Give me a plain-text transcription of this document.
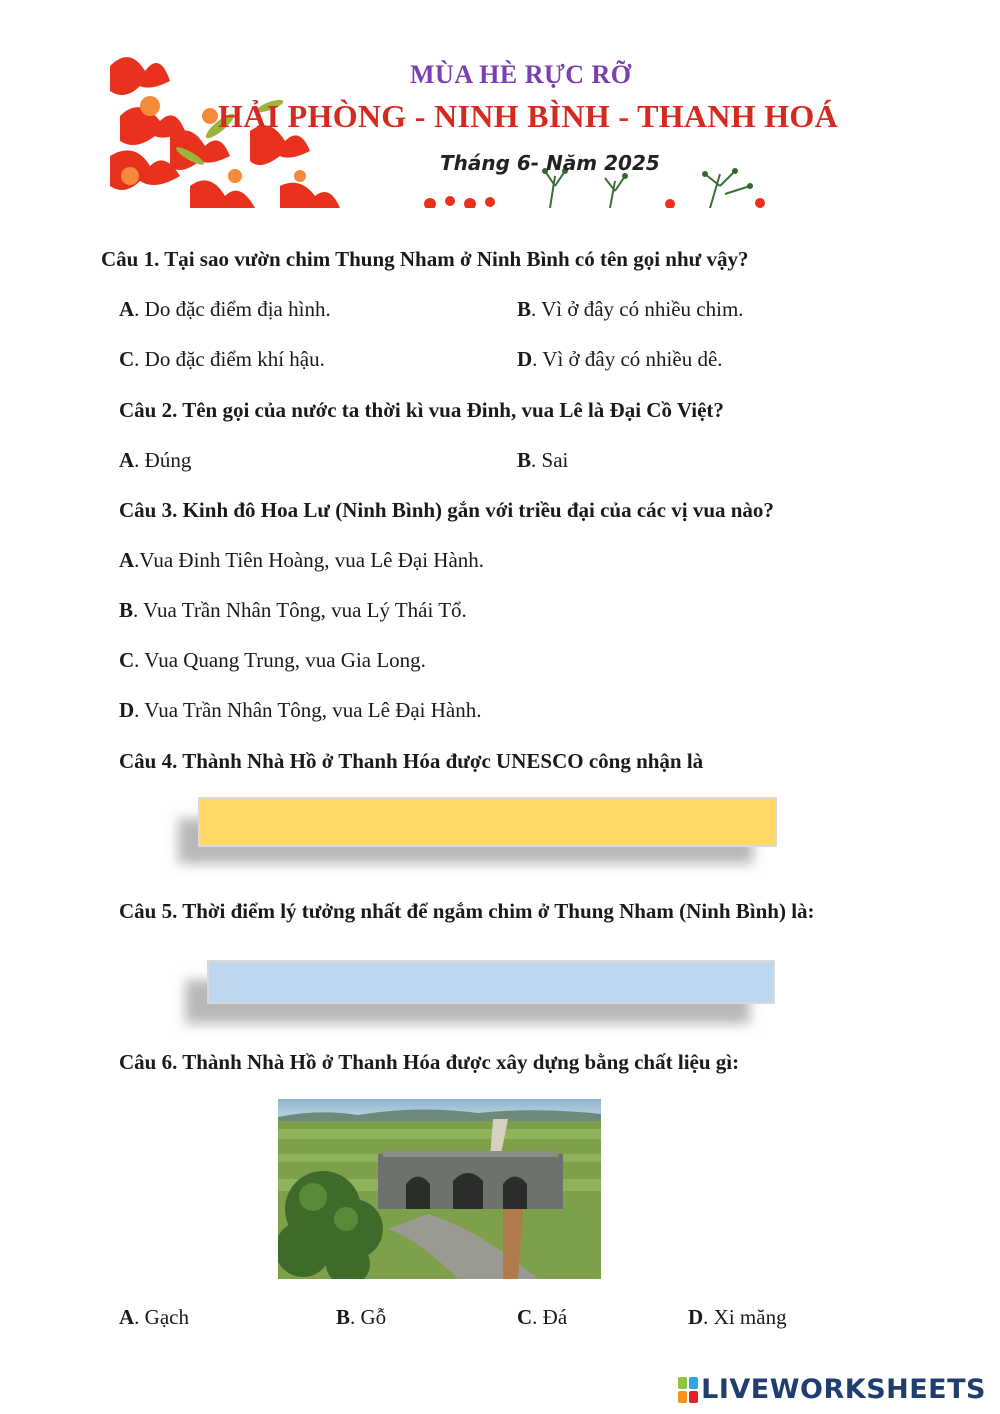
MÙA HÈ RỰC RỠ
HẢI PHÒNG - NINH BÌNH - THANH HOÁ
Tháng 6- Năm 2025
Câu 1. Tại sao vườn chim Thung Nham ở Ninh Bình có tên gọi như vậy?
A. Do đặc điểm địa hình.	B. Vì ở đây có nhiều chim.
C. Do đặc điểm khí hậu.	D. Vì ở đây có nhiều dê.
Câu 2. Tên gọi của nước ta thời kì vua Đinh, vua Lê là Đại Cồ Việt?
A. Đúng	B. Sai
Câu 3. Kinh đô Hoa Lư (Ninh Bình) gắn với triều đại của các vị vua nào?
A.Vua Đinh Tiên Hoàng, vua Lê Đại Hành.
B. Vua Trần Nhân Tông, vua Lý Thái Tổ.
C. Vua Quang Trung, vua Gia Long.
D. Vua Trần Nhân Tông, vua Lê Đại Hành.
Câu 4. Thành Nhà Hồ ở Thanh Hóa được UNESCO công nhận là
Câu 5. Thời điểm lý tưởng nhất để ngắm chim ở Thung Nham (Ninh Bình) là:
Câu 6. Thành Nhà Hồ ở Thanh Hóa được xây dựng bằng chất liệu gì:
A. Gạch	B. Gỗ	C. Đá	D. Xi măng
LIVEWORKSHEETS
